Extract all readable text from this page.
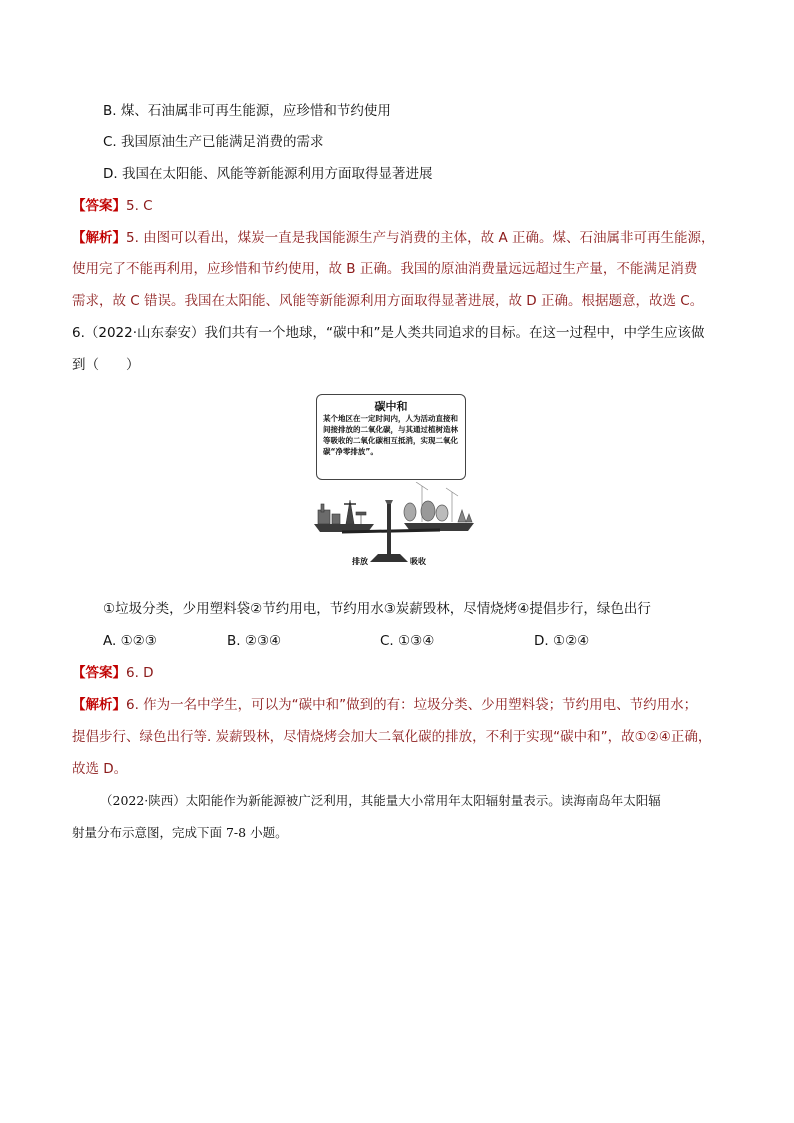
B. 煤、石油属非可再生能源，应珍惜和节约使用
C. 我国原油生产已能满足消费的需求
D. 我国在太阳能、风能等新能源利用方面取得显著进展
【答案】5. C
【解析】5. 由图可以看出，煤炭一直是我国能源生产与消费的主体，故 A 正确。煤、石油属非可再生能源，
使用完了不能再利用，应珍惜和节约使用，故 B 正确。我国的原油消费量远远超过生产量，不能满足消费
需求，故 C 错误。我国在太阳能、风能等新能源利用方面取得显著进展，故 D 正确。根据题意，故选 C。
6.（2022·山东泰安）我们共有一个地球，“碳中和”是人类共同追求的目标。在这一过程中，中学生应该做
到（　　）
碳中和
某个地区在一定时间内，人为活动直接和间接排放的二氧化碳，与其通过植树造林等吸收的二氧化碳相互抵消，实现二氧化碳“净零排放”。
排放	吸收
①垃圾分类，少用塑料袋②节约用电，节约用水③炭薪毁林，尽情烧烤④提倡步行，绿色出行
A. ①②③	B. ②③④	C. ①③④	D. ①②④
【答案】6. D
【解析】6. 作为一名中学生，可以为“碳中和”做到的有：垃圾分类、少用塑料袋；节约用电、节约用水；
提倡步行、绿色出行等. 炭薪毁林，尽情烧烤会加大二氧化碳的排放，不利于实现“碳中和”，故①②④正确，
故选 D。
（2022·陕西）太阳能作为新能源被广泛利用，其能量大小常用年太阳辐射量表示。读海南岛年太阳辐
射量分布示意图，完成下面 7-8 小题。
